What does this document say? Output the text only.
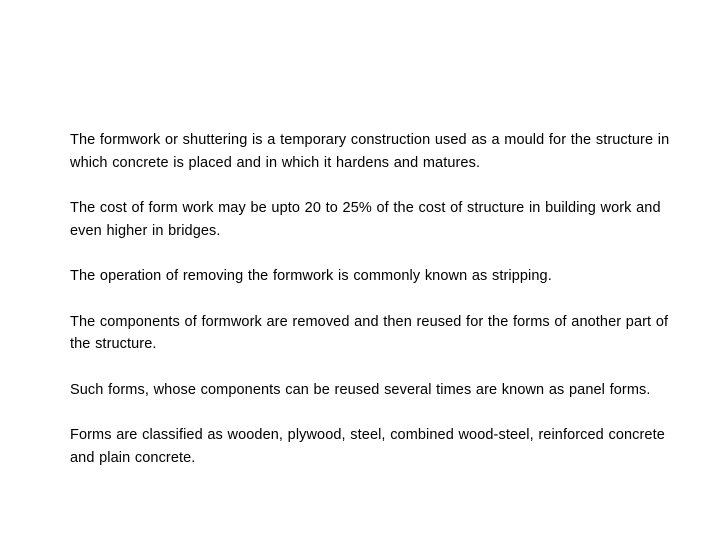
The formwork or shuttering is a temporary construction used as a mould for the structure in which concrete is placed and in which it hardens and matures.

The cost of form work may be upto 20 to 25% of the cost of structure in building work and even higher in bridges.

The operation of removing the formwork is commonly known as stripping.

The components of formwork are removed and then reused for the forms of another part of the structure.

Such forms, whose components can be reused several times are known as panel forms.

Forms are classified as wooden, plywood, steel, combined wood-steel, reinforced concrete and plain concrete.
